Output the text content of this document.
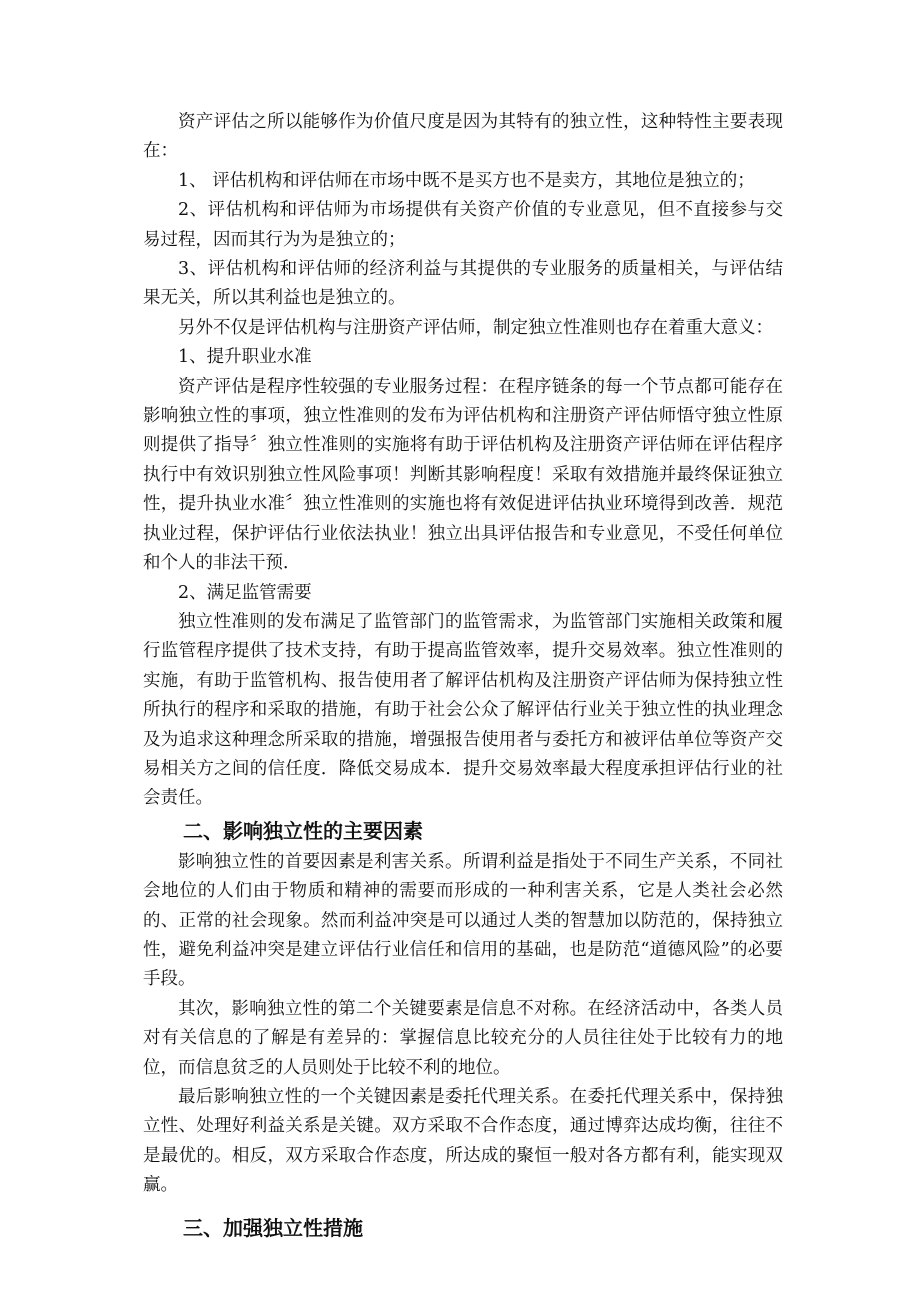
资产评估之所以能够作为价值尺度是因为其特有的独立性，这种特性主要表现在：

1、 评估机构和评估师在市场中既不是买方也不是卖方，其地位是独立的；

2、评估机构和评估师为市场提供有关资产价值的专业意见，但不直接参与交易过程，因而其行为为是独立的；

3、评估机构和评估师的经济利益与其提供的专业服务的质量相关，与评估结果无关，所以其利益也是独立的。

另外不仅是评估机构与注册资产评估师，制定独立性准则也存在着重大意义：

1、提升职业水准

资产评估是程序性较强的专业服务过程：在程序链条的每一个节点都可能存在影响独立性的事项，独立性准则的发布为评估机构和注册资产评估师悟守独立性原则提供了指导〞独立性准则的实施将有助于评估机构及注册资产评估师在评估程序执行中有效识别独立性风险事项！判断其影响程度！采取有效措施并最终保证独立性，提升执业水准〞独立性准则的实施也将有效促进评估执业环境得到改善．规范执业过程，保护评估行业依法执业！独立出具评估报告和专业意见，不受任何单位和个人的非法干预．

2、满足监管需要

独立性准则的发布满足了监管部门的监管需求，为监管部门实施相关政策和履行监管程序提供了技术支持，有助于提高监管效率，提升交易效率。独立性准则的实施，有助于监管机构、报告使用者了解评估机构及注册资产评估师为保持独立性所执行的程序和采取的措施，有助于社会公众了解评估行业关于独立性的执业理念及为追求这种理念所采取的措施，增强报告使用者与委托方和被评估单位等资产交易相关方之间的信任度．降低交易成本．提升交易效率最大程度承担评估行业的社会责任。

二、影响独立性的主要因素

影响独立性的首要因素是利害关系。所谓利益是指处于不同生产关系，不同社会地位的人们由于物质和精神的需要而形成的一种利害关系，它是人类社会必然的、正常的社会现象。然而利益冲突是可以通过人类的智慧加以防范的，保持独立性，避免利益冲突是建立评估行业信任和信用的基础，也是防范“道德风险”的必要手段。

其次，影响独立性的第二个关键要素是信息不对称。在经济活动中，各类人员对有关信息的了解是有差异的：掌握信息比较充分的人员往往处于比较有力的地位，而信息贫乏的人员则处于比较不利的地位。

最后影响独立性的一个关键因素是委托代理关系。在委托代理关系中，保持独立性、处理好利益关系是关键。双方采取不合作态度，通过博弈达成均衡，往往不是最优的。相反，双方采取合作态度，所达成的聚恒一般对各方都有利，能实现双赢。

三、加强独立性措施
